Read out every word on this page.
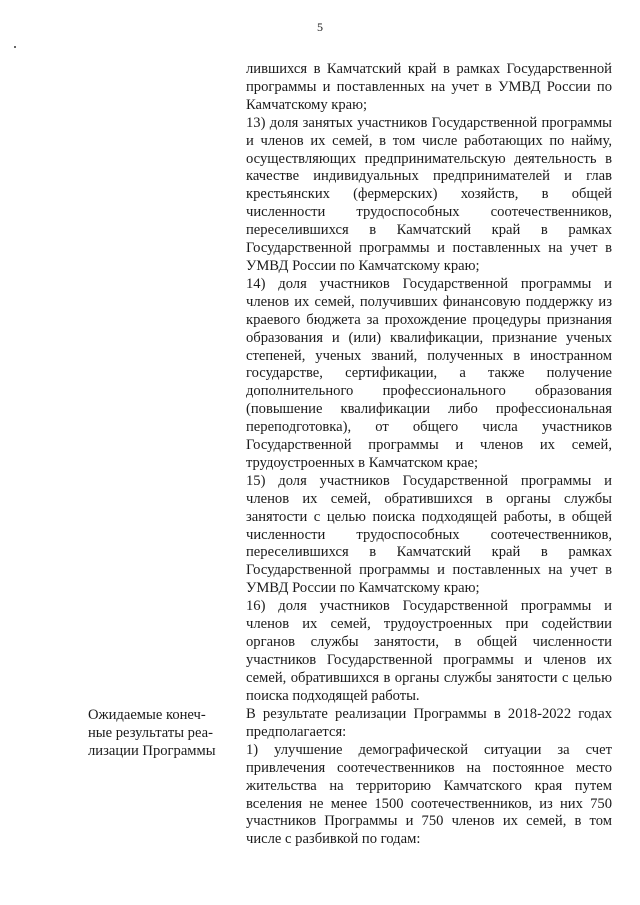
5

лившихся в Камчатский край в рамках Государственной программы и поставленных на учет в УМВД России по Камчатскому краю;

13) доля занятых участников Государственной программы и членов их семей, в том числе работающих по найму, осуществляющих предпринимательскую деятельность в качестве индивидуальных предпринимателей и глав крестьянских (фермерских) хозяйств, в общей численности трудоспособных соотечественников, переселившихся в Камчатский край в рамках Государственной программы и поставленных на учет в УМВД России по Камчатскому краю;

14) доля участников Государственной программы и членов их семей, получивших финансовую поддержку из краевого бюджета за прохождение процедуры признания образования и (или) квалификации, признание ученых степеней, ученых званий, полученных в иностранном государстве, сертификации, а также получение дополнительного профессионального образования (повышение квалификации либо профессиональная переподготовка), от общего числа участников Государственной программы и членов их семей, трудоустроенных в Камчатском крае;

15) доля участников Государственной программы и членов их семей, обратившихся в органы службы занятости с целью поиска подходящей работы, в общей численности трудоспособных соотечественников, переселившихся в Камчатский край в рамках Государственной программы и поставленных на учет в УМВД России по Камчатскому краю;

16) доля участников Государственной программы и членов их семей, трудоустроенных при содействии органов службы занятости, в общей численности участников Государственной программы и членов их семей, обратившихся в органы службы занятости с целью поиска подходящей работы.

Ожидаемые конеч-
ные результаты реа-
лизации Программы

В результате реализации Программы в 2018-2022 годах предполагается:

1) улучшение демографической ситуации за счет привлечения соотечественников на постоянное место жительства на территорию Камчатского края путем вселения не менее 1500 соотечественников, из них 750 участников Программы и 750 членов их семей, в том числе с разбивкой по годам:
